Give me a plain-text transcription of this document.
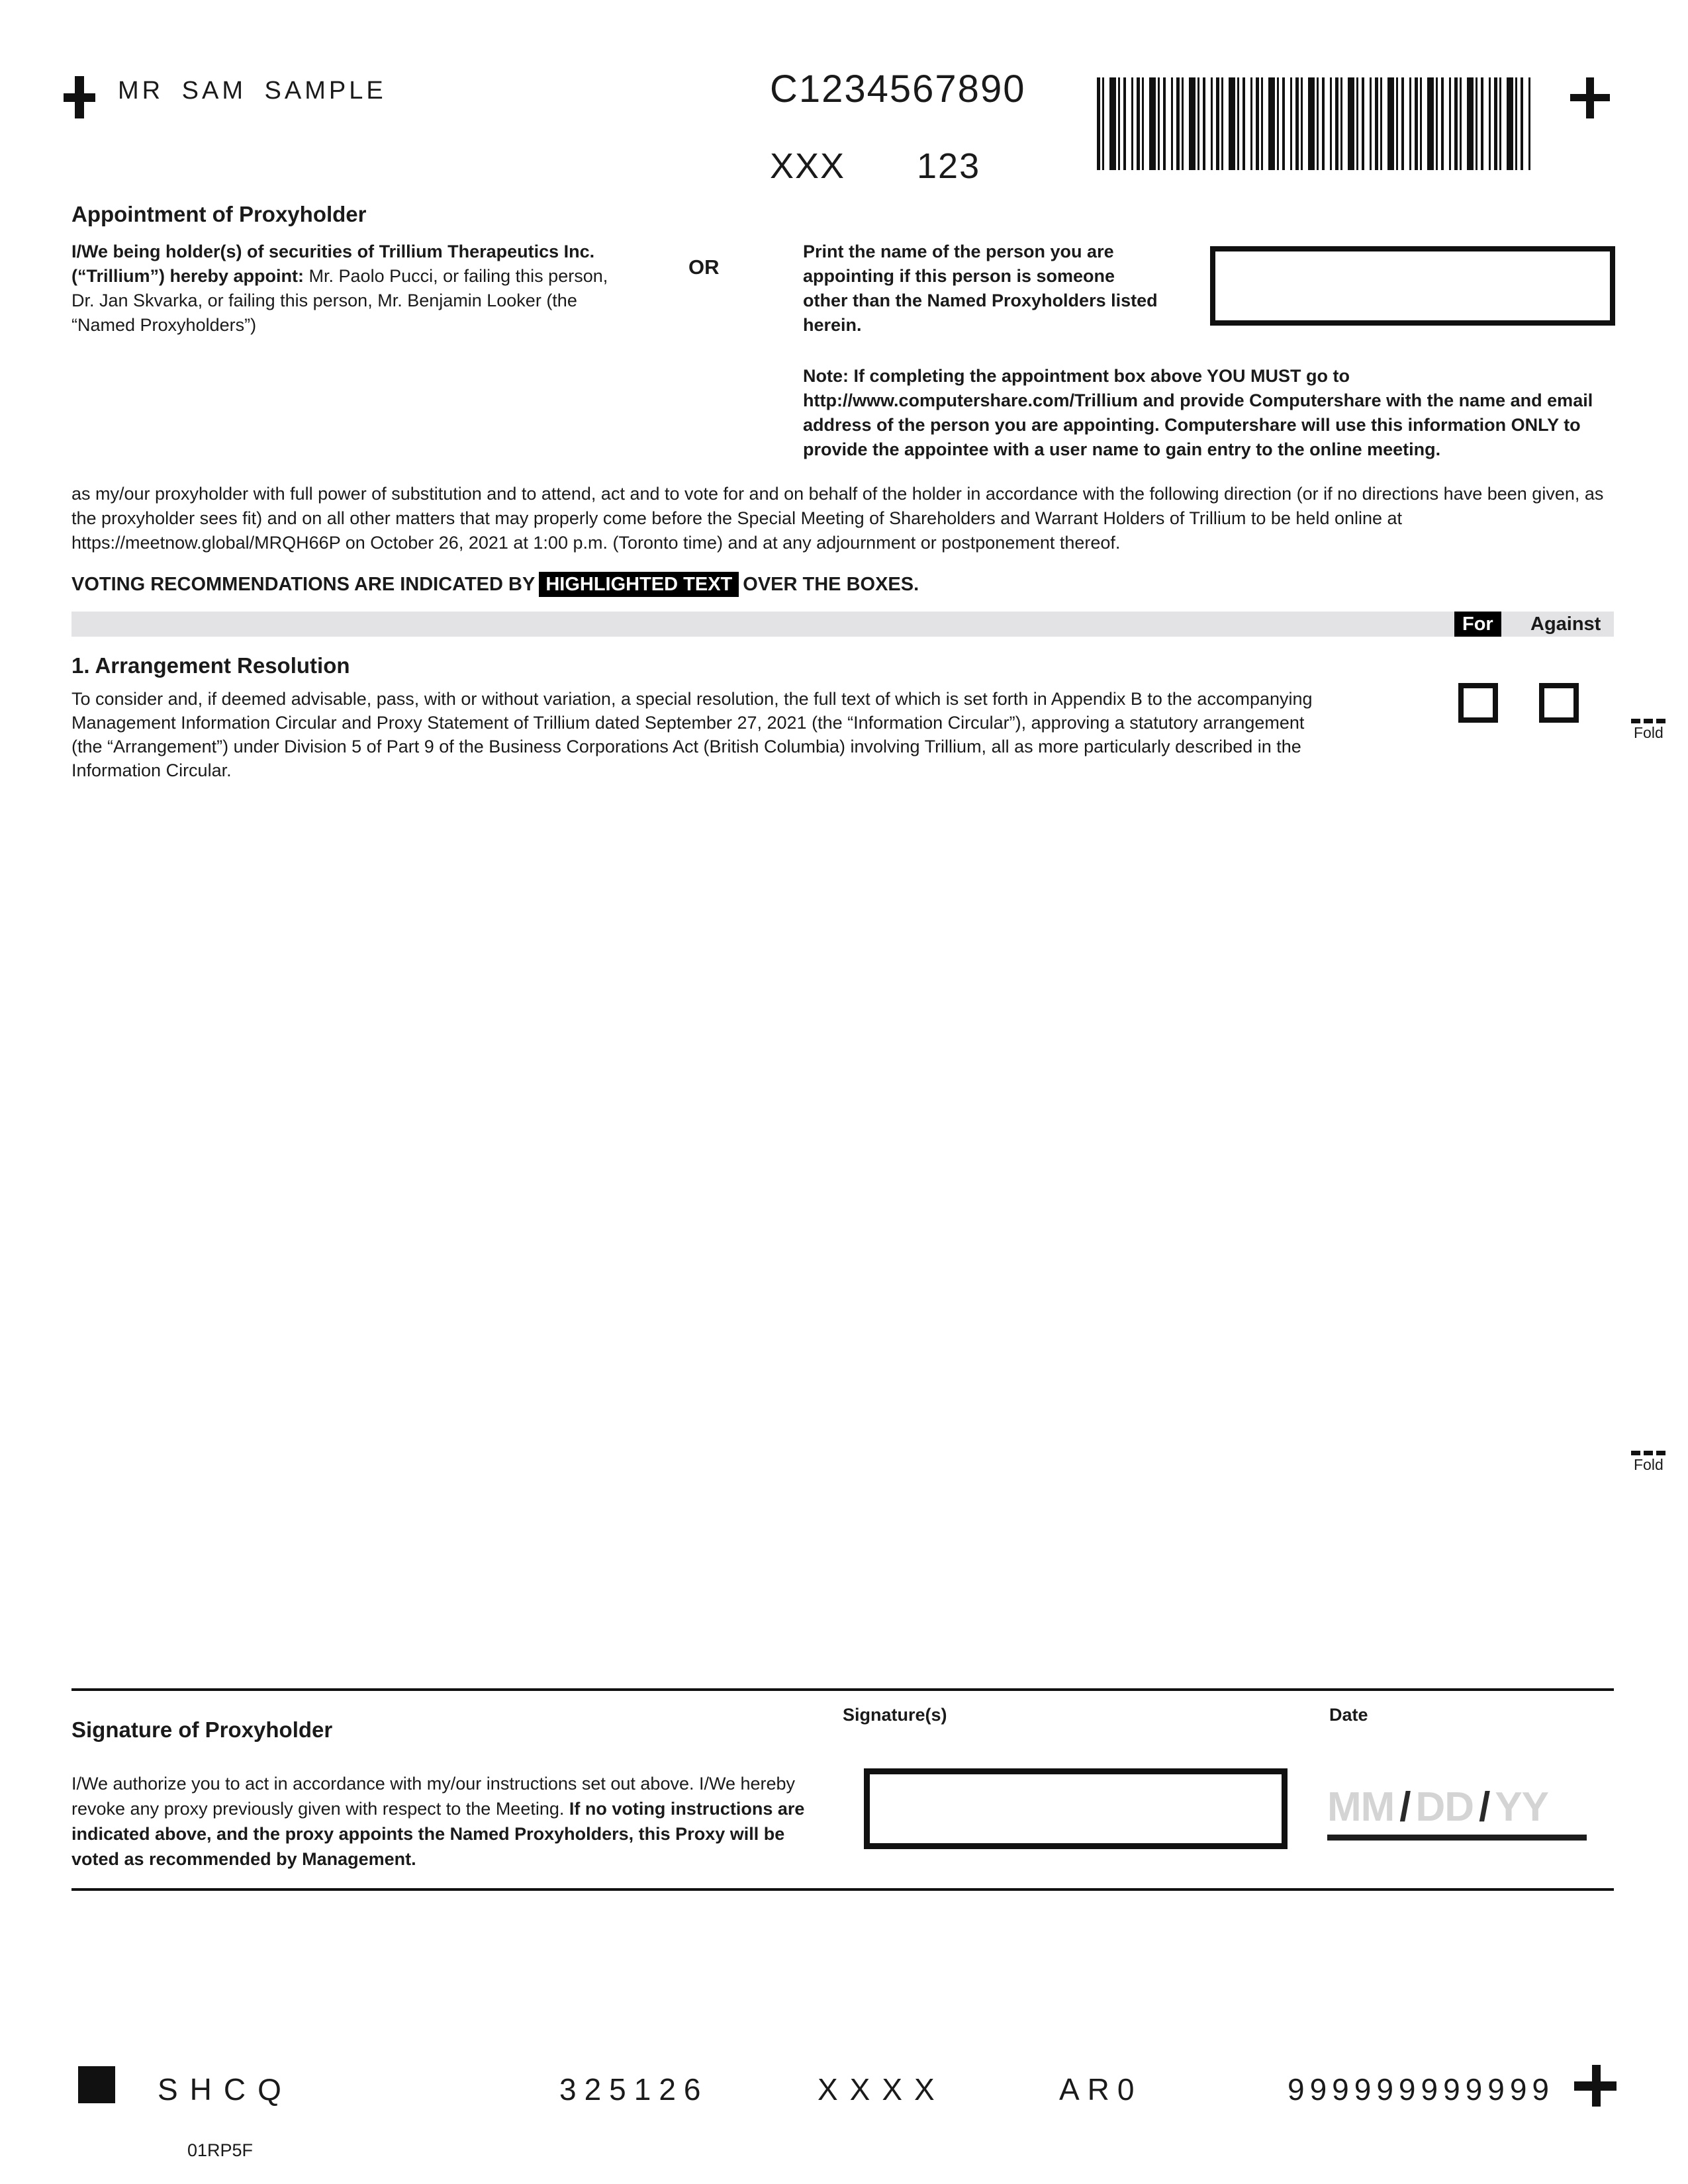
MR SAM SAMPLE	C1234567890
XXX 123
Appointment of Proxyholder

I/We being holder(s) of securities of Trillium Therapeutics Inc. (“Trillium”) hereby appoint: Mr. Paolo Pucci, or failing this person, Dr. Jan Skvarka, or failing this person, Mr. Benjamin Looker (the “Named Proxyholders”)

OR

Print the name of the person you are appointing if this person is someone other than the Named Proxyholders listed herein.

Note: If completing the appointment box above YOU MUST go to http://www.computershare.com/Trillium and provide Computershare with the name and email address of the person you are appointing. Computershare will use this information ONLY to provide the appointee with a user name to gain entry to the online meeting.

as my/our proxyholder with full power of substitution and to attend, act and to vote for and on behalf of the holder in accordance with the following direction (or if no directions have been given, as the proxyholder sees fit) and on all other matters that may properly come before the Special Meeting of Shareholders and Warrant Holders of Trillium to be held online at https://meetnow.global/MRQH66P on October 26, 2021 at 1:00 p.m. (Toronto time) and at any adjournment or postponement thereof.

VOTING RECOMMENDATIONS ARE INDICATED BY HIGHLIGHTED TEXT OVER THE BOXES.

For	Against
1. Arrangement Resolution

To consider and, if deemed advisable, pass, with or without variation, a special resolution, the full text of which is set forth in Appendix B to the accompanying Management Information Circular and Proxy Statement of Trillium dated September 27, 2021 (the “Information Circular”), approving a statutory arrangement (the “Arrangement”) under Division 5 of Part 9 of the Business Corporations Act (British Columbia) involving Trillium, all as more particularly described in the Information Circular.

Fold
Fold
Signature of Proxyholder
Signature(s)	Date

I/We authorize you to act in accordance with my/our instructions set out above. I/We hereby revoke any proxy previously given with respect to the Meeting. If no voting instructions are indicated above, and the proxy appoints the Named Proxyholders, this Proxy will be voted as recommended by Management.

MM / DD / YY
SHCQ	325126	XXXX	AR0	999999999999
01RP5F
